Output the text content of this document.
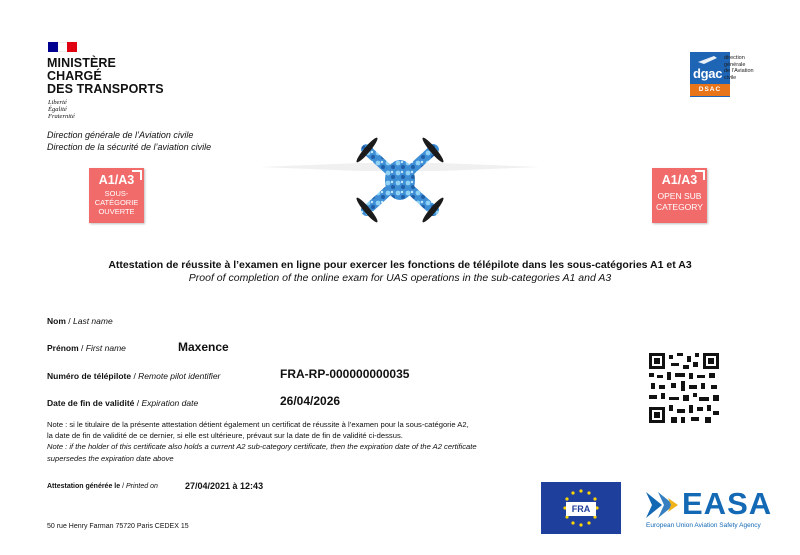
MINISTÈRE
CHARGÉ
DES TRANSPORTS
Liberté
Égalité
Fraternité
Direction générale de l’Aviation civile
Direction de la sécurité de l’aviation civile
dgac
DSAC
direction
générale
de l’Aviation
civile
A1/A3
SOUS-
CATÉGORIE
OUVERTE
A1/A3
OPEN SUB
CATEGORY
Attestation de réussite à l’examen en ligne pour exercer les fonctions de télépilote dans les sous-catégories A1 et A3
Proof of completion of the online exam for UAS operations in the sub-categories A1 and A3
Nom / Last name
Prénom / First name	Maxence
Numéro de télépilote / Remote pilot identifier	FRA-RP-000000000035
Date de fin de validité / Expiration date	26/04/2026
Note : si le titulaire de la présente attestation détient également un certificat de réussite à l’examen pour la sous-catégorie A2,
la date de fin de validité de ce dernier, si elle est ultérieure, prévaut sur la date de fin de validité ci-dessus.
Note : if the holder of this certificate also holds a current A2 sub-category certificate, then the expiration date of the A2 certificate
supersedes the expiration date above
Attestation générée le / Printed on	27/04/2021 à 12:43
50 rue Henry Farman 75720 Paris CEDEX 15
FRA	EASA
European Union Aviation Safety Agency
